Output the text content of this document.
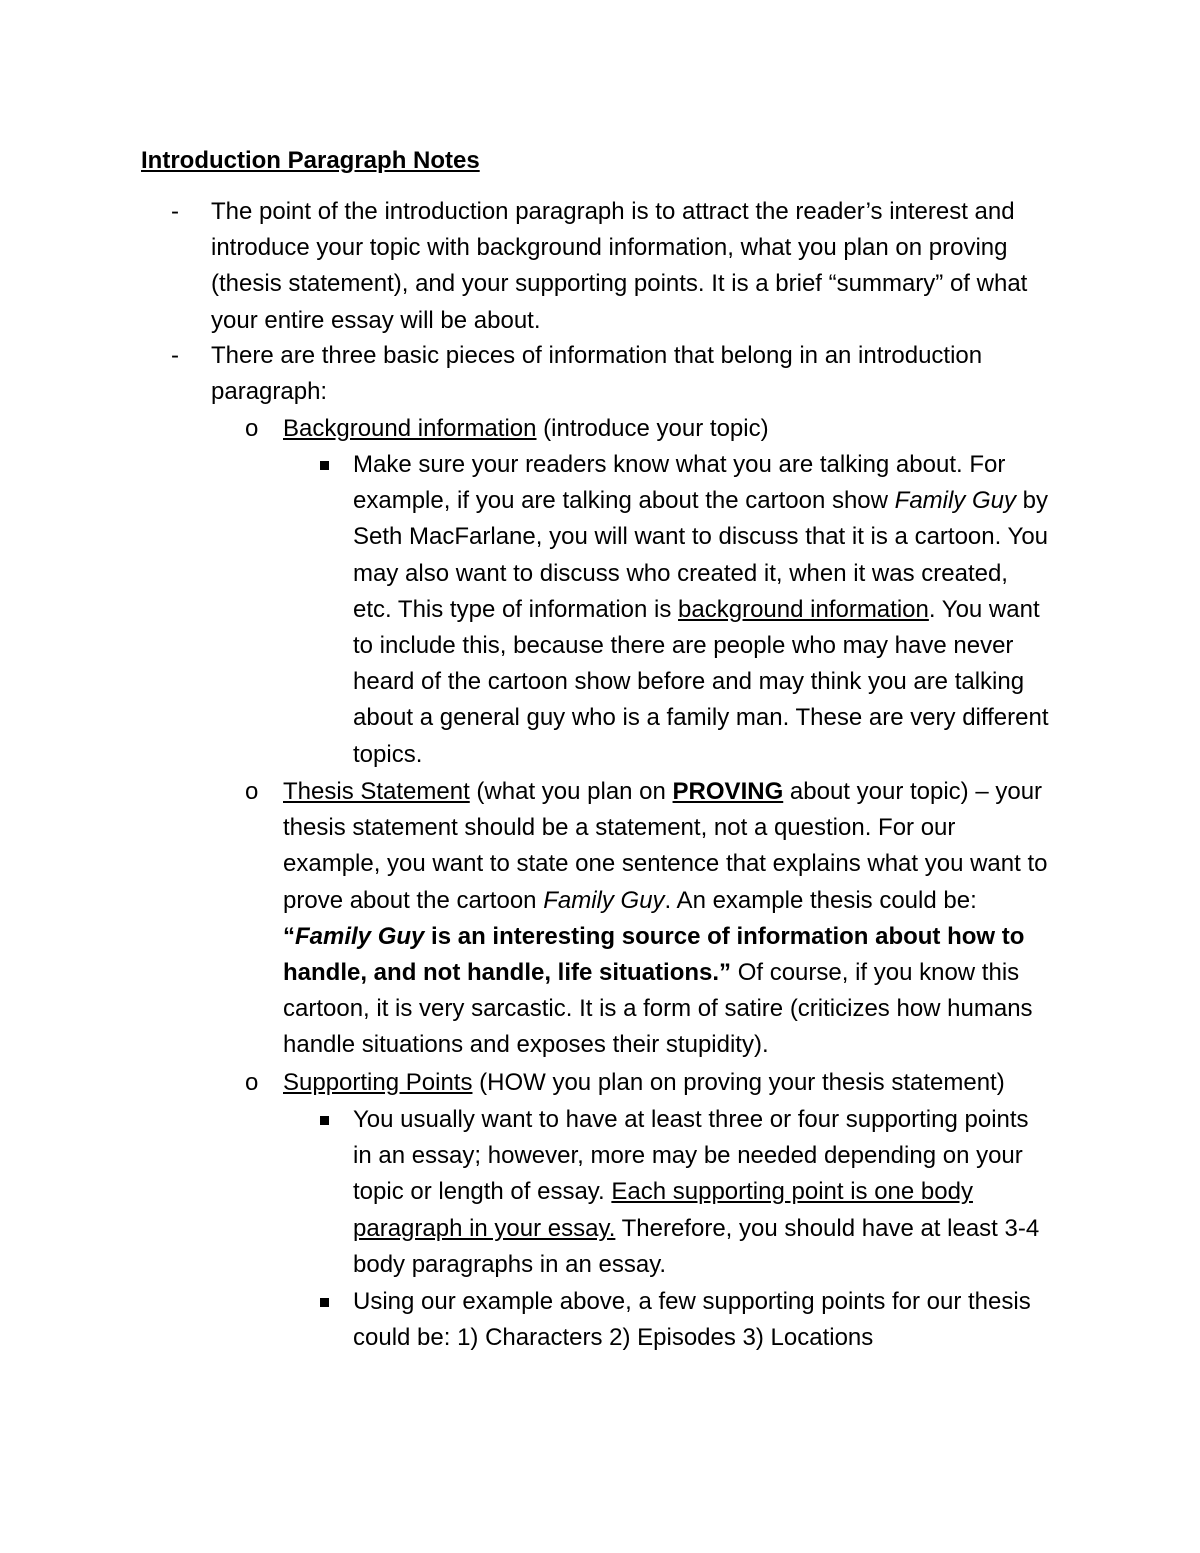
Introduction Paragraph Notes

- The point of the introduction paragraph is to attract the reader’s interest and introduce your topic with background information, what you plan on proving (thesis statement), and your supporting points. It is a brief “summary” of what your entire essay will be about.

- There are three basic pieces of information that belong in an introduction paragraph:

o Background information (introduce your topic)

Make sure your readers know what you are talking about. For example, if you are talking about the cartoon show Family Guy by Seth MacFarlane, you will want to discuss that it is a cartoon. You may also want to discuss who created it, when it was created, etc. This type of information is background information. You want to include this, because there are people who may have never heard of the cartoon show before and may think you are talking about a general guy who is a family man. These are very different topics.

o Thesis Statement (what you plan on PROVING about your topic) – your thesis statement should be a statement, not a question. For our example, you want to state one sentence that explains what you want to prove about the cartoon Family Guy. An example thesis could be: “Family Guy is an interesting source of information about how to handle, and not handle, life situations.” Of course, if you know this cartoon, it is very sarcastic. It is a form of satire (criticizes how humans handle situations and exposes their stupidity).

o Supporting Points (HOW you plan on proving your thesis statement)

You usually want to have at least three or four supporting points in an essay; however, more may be needed depending on your topic or length of essay. Each supporting point is one body paragraph in your essay. Therefore, you should have at least 3-4 body paragraphs in an essay.

Using our example above, a few supporting points for our thesis could be: 1) Characters 2) Episodes 3) Locations
